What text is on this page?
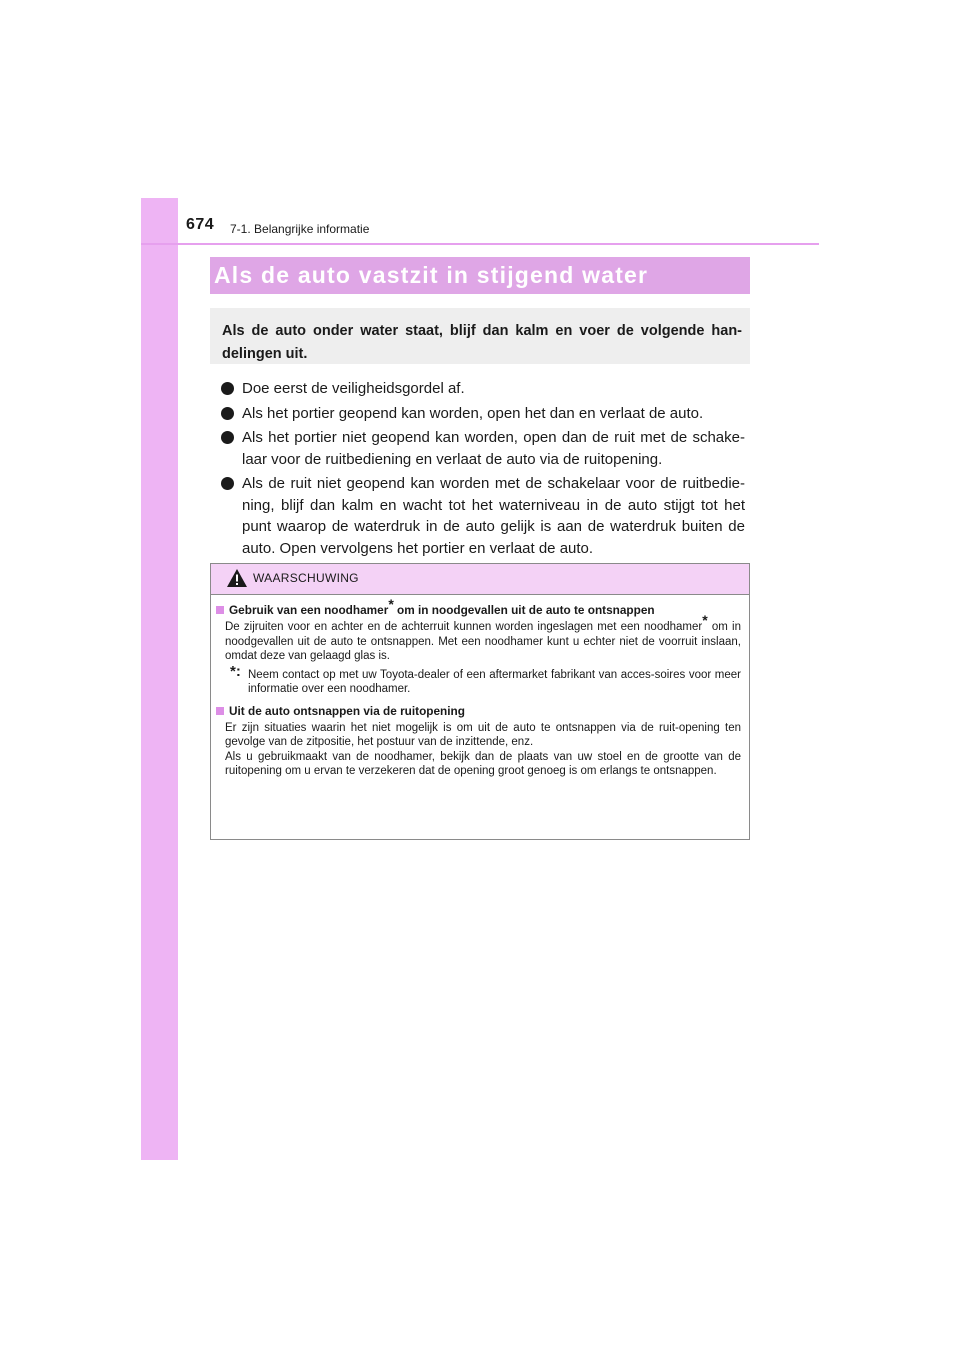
674 7-1. Belangrijke informatie
Als de auto vastzit in stijgend water

Als de auto onder water staat, blijf dan kalm en voer de volgende han-delingen uit.

Doe eerst de veiligheidsgordel af.
Als het portier geopend kan worden, open het dan en verlaat de auto.
Als het portier niet geopend kan worden, open dan de ruit met de schake-laar voor de ruitbediening en verlaat de auto via de ruitopening.
Als de ruit niet geopend kan worden met de schakelaar voor de ruitbedie-ning, blijf dan kalm en wacht tot het waterniveau in de auto stijgt tot het punt waarop de waterdruk in de auto gelijk is aan de waterdruk buiten de auto. Open vervolgens het portier en verlaat de auto.
WAARSCHUWING

Gebruik van een noodhamer* om in noodgevallen uit de auto te ontsnappen

De zijruiten voor en achter en de achterruit kunnen worden ingeslagen met een noodhamer* om in noodgevallen uit de auto te ontsnappen. Met een noodhamer kunt u echter niet de voorruit inslaan, omdat deze van gelaagd glas is.

*: Neem contact op met uw Toyota-dealer of een aftermarket fabrikant van acces-soires voor meer informatie over een noodhamer.

Uit de auto ontsnappen via de ruitopening

Er zijn situaties waarin het niet mogelijk is om uit de auto te ontsnappen via de ruit-opening ten gevolge van de zitpositie, het postuur van de inzittende, enz.

Als u gebruikmaakt van de noodhamer, bekijk dan de plaats van uw stoel en de grootte van de ruitopening om u ervan te verzekeren dat de opening groot genoeg is om erlangs te ontsnappen.
